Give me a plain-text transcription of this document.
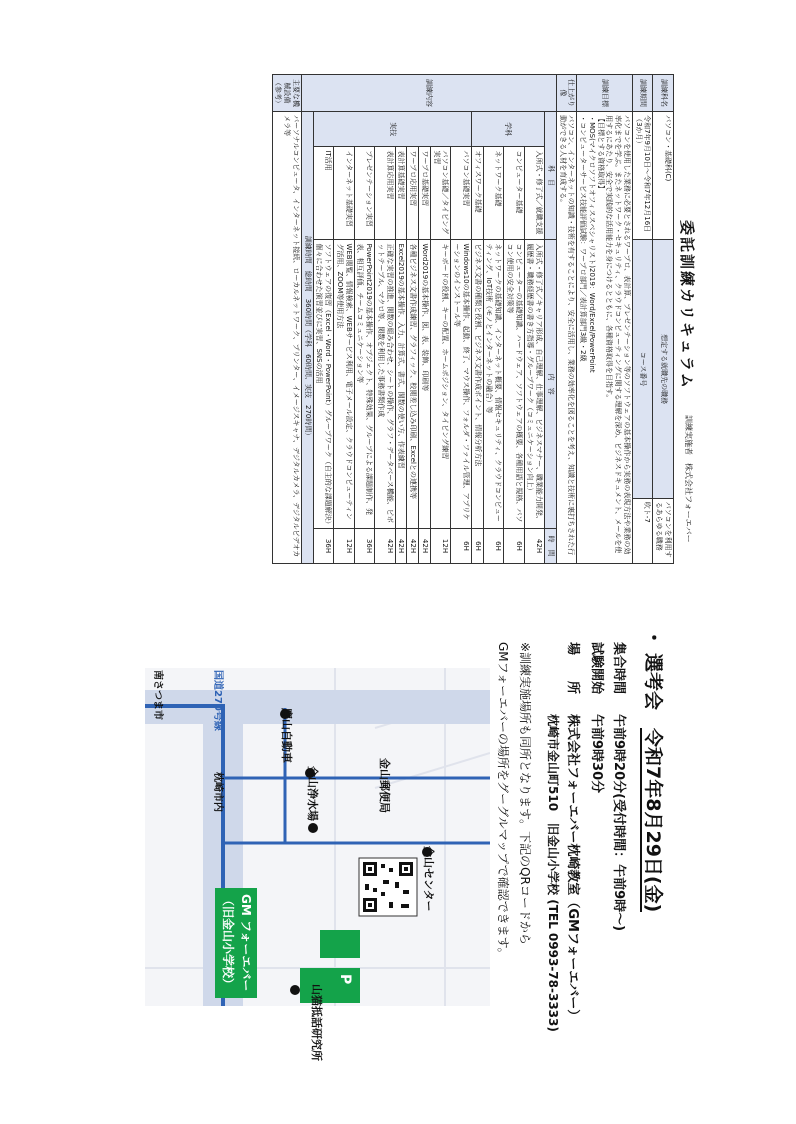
委託訓練カリキュラム
訓練実施者　株式会社フォーエバー
訓練科名	パソコン・基礎科(C)		想定する就職先の職務	パソコンを利用するあらゆる職務	
訓練期間	令和7年9月10日～令和7年12月16日（3か月）		コース番号	吹ト-7	
訓練目標	パソコンを使用した業務に必要とされるワープロ、表計算、プレゼンテーション等のソフトウェアの基本操作から実務の表現方法や業務の効率化までを学ぶ。またネットワーク・セキュリティ、クラウドコンピューティングに関する理解を深め、ビジネスドキュメント、メールを使用するにあたり、安全で実践的な活用能力を身につけるとともに、各種資格取得を目指す。
【目標とする資格取得】
・MOS(マイクロソフトオフィススペシャリスト)2019：Word/Excel/PowerPoint
・コンピューターサービス技能評価試験：ワープロ部門／表計算部門3級・2級				

仕上がり像	パソコン、インターネットの知識・技術を有することにより、安全に活用し、業務の効率化を図ることを考え、知識と技術に裏打ちされた行動ができる人材を育成する。				
訓練内容	科　目		内　容		時　間
	学科	入所式・修了式／就職支援	入所式・修了式／キャリア形成、自己理解、仕事理解、ビジネスマナー、職業能力開発、履歴書・職務経歴書の書き方指導・グループワーク（コミュニケーション向上）		42H
		コンピューター基礎	コンピューターの基礎知識、ハードウェア、ソフトウェアの概要、各種用語と規格、パソコン使用の安全対策等		6H
		ネットワーク基礎	ネットワークの基礎知識、インターネット概要、情報セキュリティ、クラウドコンピューティング、IoT技術（モノとインターネットの融合）等		6H
		オフィスワーク基礎	ビジネス文書の種類と役割、ビジネス文書作成ポイント、情報分析方法		6H
	実技	パソコン基礎実習	Windows10の基本操作、起動、終了、マウス操作、フォルダ・ファイル管理、アプリケーションのインストール等		6H
		パソコン基礎／タイピング実習	キーボードの役割、キーの配置、ホームポジション、タイピング練習		12H
		ワープロ基礎実習	Word2019の基本操作、図、表、装飾、印刷等		42H
		ワープロ応用実習	各種ビジネス文書作成練習、グラフィック、校閲差し込み印刷、Excelとの連携等		42H
		表計算基礎実習	Excel2019の基本操作、入力、計算式、書式、関数の使い方、作表練習		42H
		表計算応用実習	正確な実習の推進、関数の組み合わせ、シートの操作、グラフ・データベース機能、ピボットテーブル、マクロ等、関数を利用した事務書類作成		42H
		プレゼンテーション実習	PowerPoint2019の基本操作、オブジェクト、特殊効果、グループによる課題制作、発表、相互評価、チームコミュニケーション等		36H
		インターネット基礎実習	WEB閲覧、情報検索、WEBサービス利用、電子メール設定、クラウドコンピューティング活用、ZOOM等使用方法		12H
		IT活用	ソフトウェアの復習（Excel・Word・PowerPoint）グループワーク（自主的な課題解決）個々に合わせた演習並びに実習、SNSの活用		36H
	訓練時間　総時間　360時間（学科　60時間、実技　270時間）				
主要な機械設備（参考）	パーソナルコンピュータ、インターネット接続、ローカルネットワーク、プリンター、イメージスキャナ、デジタルカメラ、デジタルビデオカメラ等				
・選考会令和7年8月29日(金)
集合時間午前9時20分(受付時間：午前9時～)
試験開始午前9時30分
場　　所株式会社フォーエバー枕崎教室（GMフォーエバー）
枕崎市金山町510　旧金山小学校 (TEL 0993-78-3333)
※訓練実施場所も同所となります。下記のQRコードから
GMフォーエバーの場所をグーグルマップで確認できます。
南さつま市	国道270号線
枕崎市内
鷹山自動車
金山浄水場	金山郵便局
金山センター
山猫抵話研究所
GM フォーエバー
（旧金山小学校）	P
